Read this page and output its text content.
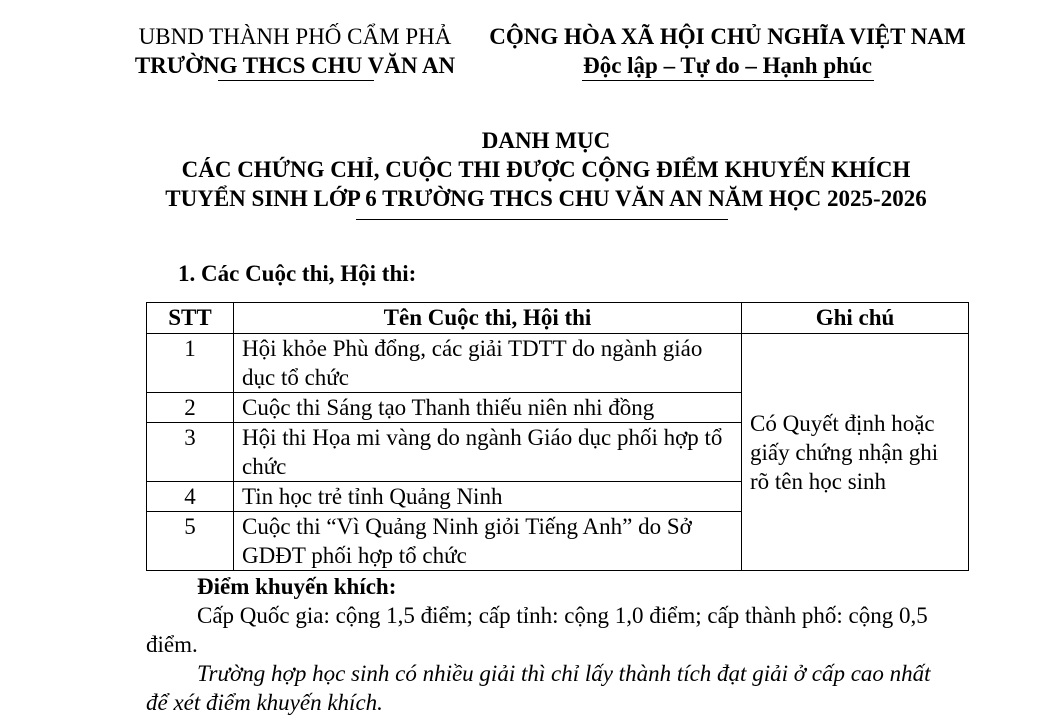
UBND THÀNH PHỐ CẨM PHẢ
TRƯỜNG THCS CHU VĂN AN
CỘNG HÒA XÃ HỘI CHỦ NGHĨA VIỆT NAM
Độc lập – Tự do – Hạnh phúc
DANH MỤC
CÁC CHỨNG CHỈ, CUỘC THI ĐƯỢC CỘNG ĐIỂM KHUYẾN KHÍCH
TUYỂN SINH LỚP 6 TRƯỜNG THCS CHU VĂN AN NĂM HỌC 2025-2026
1. Các Cuộc thi, Hội thi:
STT	Tên Cuộc thi, Hội thi	Ghi chú
1	Hội khỏe Phù đổng, các giải TDTT do ngành giáo dục tổ chức	Có Quyết định hoặc giấy chứng nhận ghi rõ tên học sinh
2	Cuộc thi Sáng tạo Thanh thiếu niên nhi đồng	
3	Hội thi Họa mi vàng do ngành Giáo dục phối hợp tổ chức	
4	Tin học trẻ tỉnh Quảng Ninh	
5	Cuộc thi “Vì Quảng Ninh giỏi Tiếng Anh” do Sở GDĐT phối hợp tổ chức	
Điểm khuyến khích:
Cấp Quốc gia: cộng 1,5 điểm; cấp tỉnh: cộng 1,0 điểm; cấp thành phố: cộng 0,5 điểm.
Trường hợp học sinh có nhiều giải thì chỉ lấy thành tích đạt giải ở cấp cao nhất để xét điểm khuyến khích.
